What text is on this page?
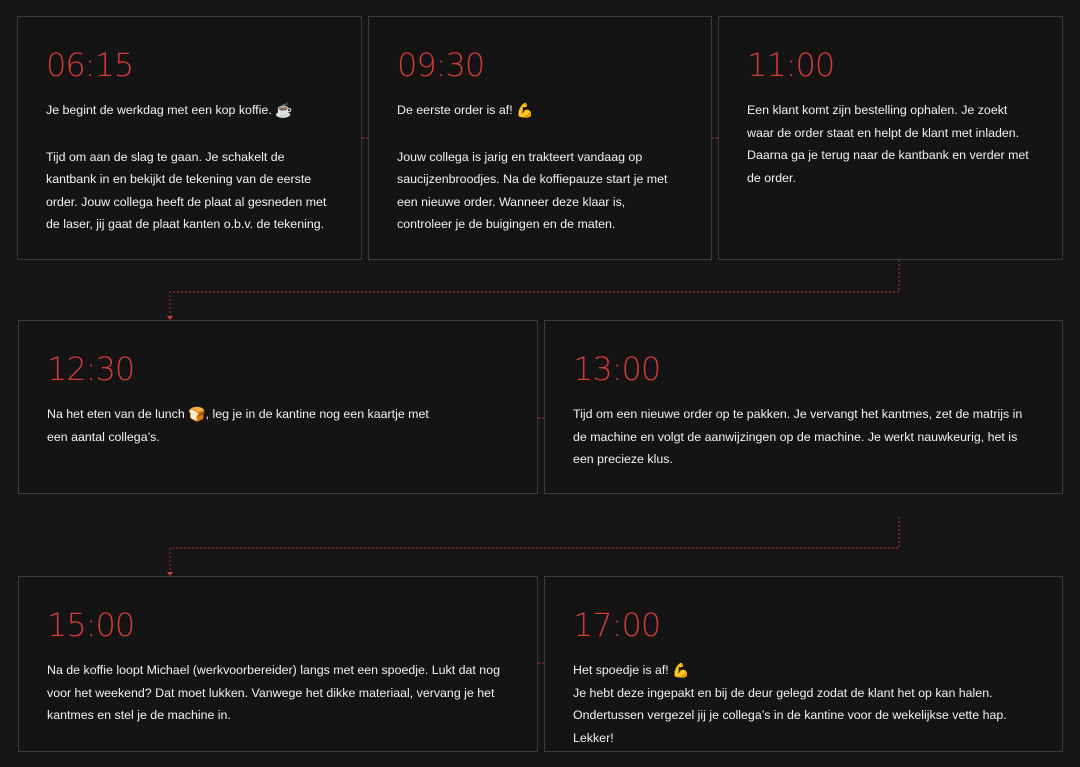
06:15

Je begint de werkdag met een kop koffie. ☕

Tijd om aan de slag te gaan. Je schakelt de kantbank in en bekijkt de tekening van de eerste order. Jouw collega heeft de plaat al gesneden met de laser, jij gaat de plaat kanten o.b.v. de tekening.

09:30

De eerste order is af! 💪

Jouw collega is jarig en trakteert vandaag op saucijzenbroodjes. Na de koffiepauze start je met een nieuwe order. Wanneer deze klaar is, controleer je de buigingen en de maten.

11:00

Een klant komt zijn bestelling ophalen. Je zoekt waar de order staat en helpt de klant met inladen. Daarna ga je terug naar de kantbank en verder met de order.

12:30

Na het eten van de lunch 🍞, leg je in de kantine nog een kaartje met een aantal collega’s.

13:00

Tijd om een nieuwe order op te pakken. Je vervangt het kantmes, zet de matrijs in de machine en volgt de aanwijzingen op de machine. Je werkt nauwkeurig, het is een precieze klus.

15:00

Na de koffie loopt Michael (werkvoorbereider) langs met een spoedje. Lukt dat nog voor het weekend? Dat moet lukken. Vanwege het dikke materiaal, vervang je het kantmes en stel je de machine in.

17:00

Het spoedje is af! 💪

Je hebt deze ingepakt en bij de deur gelegd zodat de klant het op kan halen. Ondertussen vergezel jij je collega’s in de kantine voor de wekelijkse vette hap. Lekker!
